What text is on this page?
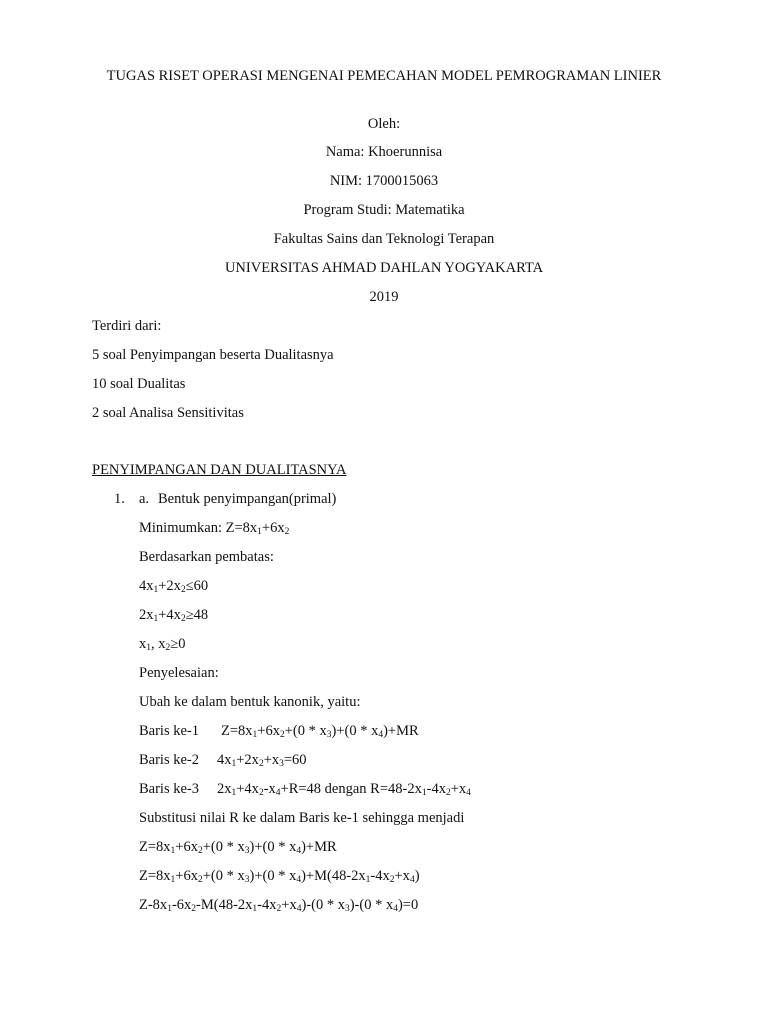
TUGAS RISET OPERASI MENGENAI PEMECAHAN MODEL PEMROGRAMAN LINIER
Oleh:
Nama: Khoerunnisa
NIM: 1700015063
Program Studi: Matematika
Fakultas Sains dan Teknologi Terapan
UNIVERSITAS AHMAD DAHLAN YOGYAKARTA
2019
Terdiri dari:
5 soal Penyimpangan beserta Dualitasnya
10 soal Dualitas
2 soal Analisa Sensitivitas
PENYIMPANGAN DAN DUALITASNYA
1. a. Bentuk penyimpangan(primal)
Minimumkan: $Z=8x_1+6x_2$
Berdasarkan pembatas:
$4x_1+2x_2\le 60$
$2x_1+4x_2\ge 48$
$x_1$, $x_2\ge 0$
Penyelesaian:
Ubah ke dalam bentuk kanonik, yaitu:
Baris ke-1 $Z=8x_1+6x_2+(0 * x_3)+(0 * x_4)+MR$
Baris ke-2 $4x_1+2x_2+x_3=60$
Baris ke-3 $2x_1+4x_2-x_4+R=48$ dengan $R=48-2x_1-4x_2+x_4$
Substitusi nilai R ke dalam Baris ke-1 sehingga menjadi
$Z=8x_1+6x_2+(0 * x_3)+(0 * x_4)+MR$
$Z=8x_1+6x_2+(0 * x_3)+(0 * x_4)+M(48-2x_1-4x_2+x_4)$
$Z-8x_1-6x_2-M(48-2x_1-4x_2+x_4)-(0 * x_3)-(0 * x_4)=0$
